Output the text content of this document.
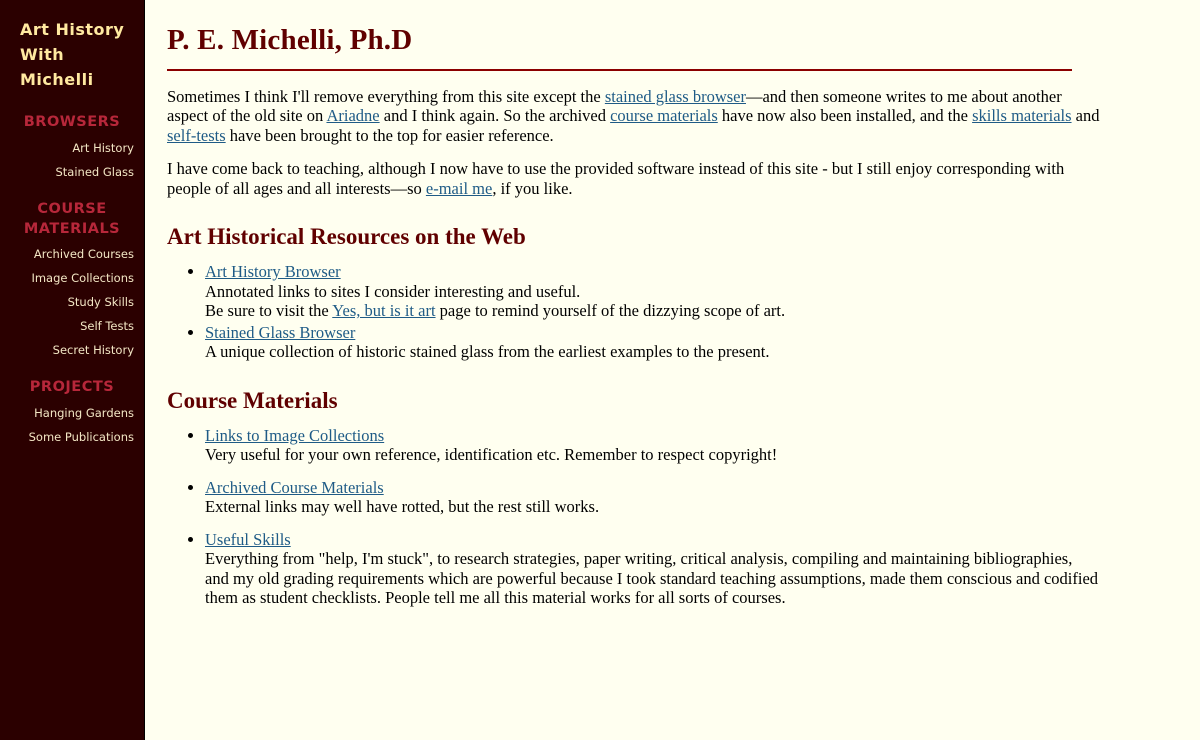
Art History
With
Michelli
BROWSERS
Art History
Stained Glass
COURSE
MATERIALS
Archived Courses
Image Collections
Study Skills
Self Tests
Secret History
PROJECTS
Hanging Gardens
Some Publications
P. E. Michelli, Ph.D

Sometimes I think I'll remove everything from this site except the stained glass browser—and then someone writes to me about another aspect of the old site on Ariadne and I think again. So the archived course materials have now also been installed, and the skills materials and self-tests have been brought to the top for easier reference.

I have come back to teaching, although I now have to use the provided software instead of this site - but I still enjoy corresponding with people of all ages and all interests—so e-mail me, if you like.

Art Historical Resources on the Web
• Art History Browser
Annotated links to sites I consider interesting and useful.
Be sure to visit the Yes, but is it art page to remind yourself of the dizzying scope of art.
• Stained Glass Browser
A unique collection of historic stained glass from the earliest examples to the present.
Course Materials
• Links to Image Collections
Very useful for your own reference, identification etc. Remember to respect copyright!
• Archived Course Materials
External links may well have rotted, but the rest still works.
• Useful Skills
Everything from "help, I'm stuck", to research strategies, paper writing, critical analysis, compiling and maintaining bibliographies, and my old grading requirements which are powerful because I took standard teaching assumptions, made them conscious and codified them as student checklists. People tell me all this material works for all sorts of courses.
